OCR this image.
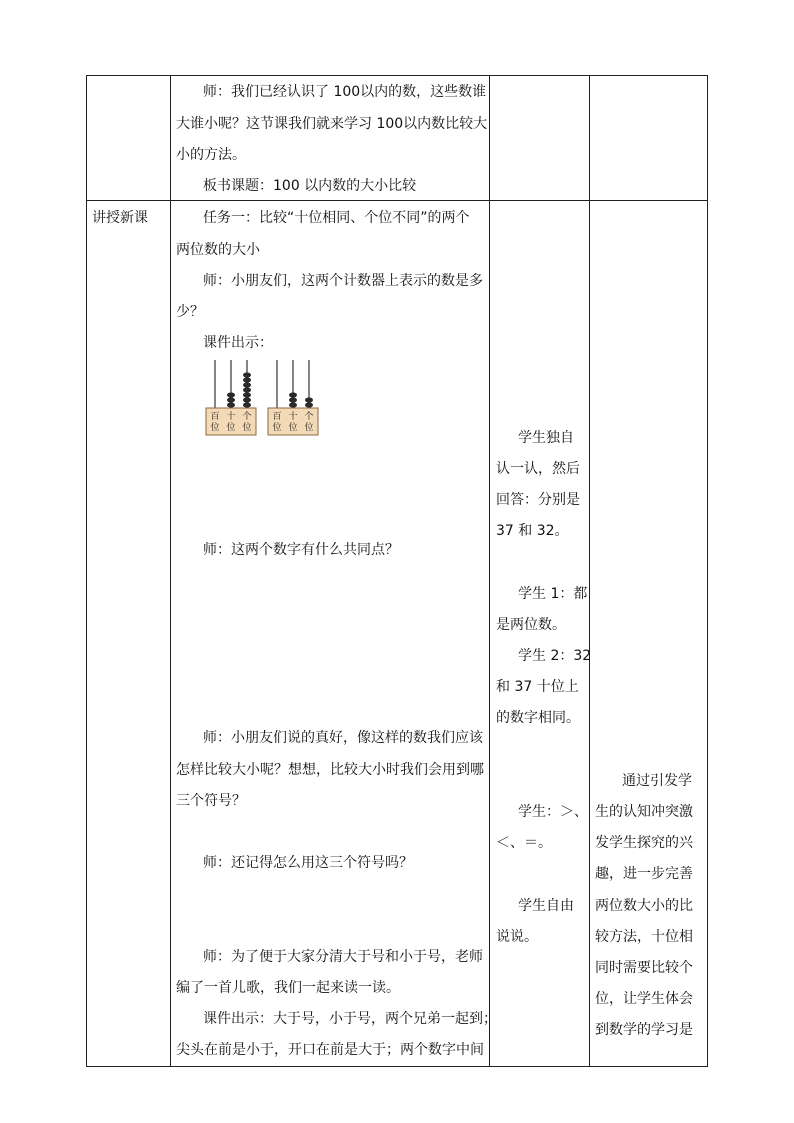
师：我们已经认识了 100以内的数，这些数谁
大谁小呢？这节课我们就来学习 100以内数比较大
小的方法。
板书课题：100 以内数的大小比较
讲授新课	任务一：比较“十位相同、个位不同”的两个
两位数的大小
师：小朋友们，这两个计数器上表示的数是多
少？
课件出示：
百
位
十
位
个
位
百
位
十
位
个
位
师：这两个数字有什么共同点？
师：小朋友们说的真好，像这样的数我们应该
怎样比较大小呢？想想，比较大小时我们会用到哪
三个符号？
师：还记得怎么用这三个符号吗？
师：为了便于大家分清大于号和小于号，老师
编了一首儿歌，我们一起来读一读。
课件出示：大于号，小于号，两个兄弟一起到；
尖头在前是小于，开口在前是大于；两个数字中间
学生独自
认一认，然后
回答：分别是
37 和 32。
学生 1：都
是两位数。
学生 2：32
和 37 十位上
的数字相同。
学生：＞、
＜、＝。
学生自由
说说。
通过引发学
生的认知冲突激
发学生探究的兴
趣，进一步完善
两位数大小的比
较方法，十位相
同时需要比较个
位，让学生体会
到数学的学习是
